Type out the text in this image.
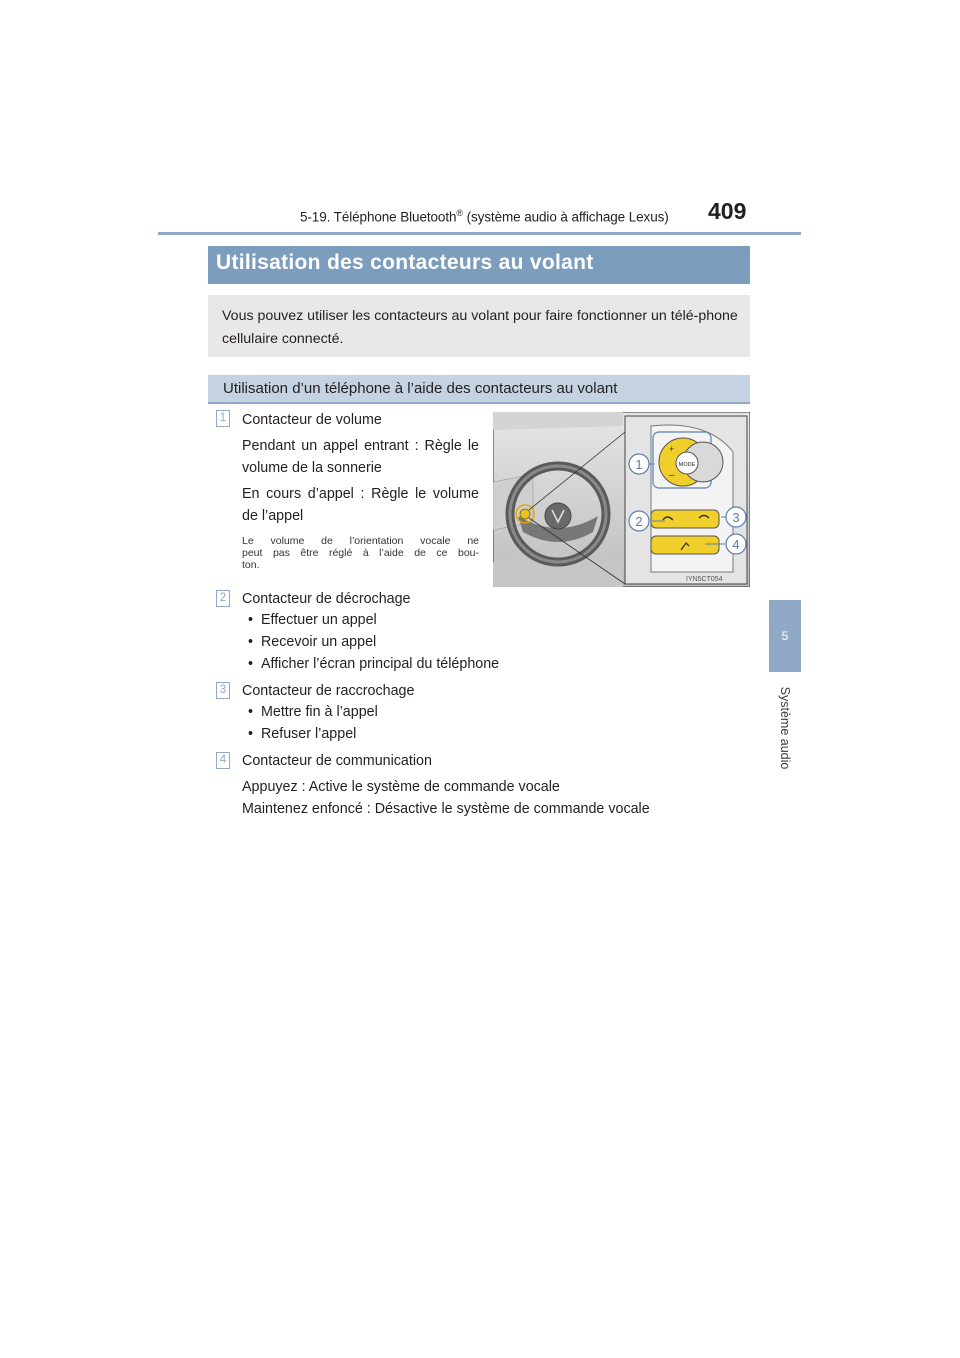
5-19. Téléphone Bluetooth® (système audio à affichage Lexus) 409
5
Système audio
Utilisation des contacteurs au volant
Vous pouvez utiliser les contacteurs au volant pour faire fonctionner un télé-phone cellulaire connecté.
Utilisation d’un téléphone à l’aide des contacteurs au volant
1 Contacteur de volume
Pendant un appel entrant : Règle le
volume de la sonnerie
En cours d’appel : Règle le volume
de l’appel
Le volume de l’orientation vocale ne
peut pas être réglé à l’aide de ce bou-
ton.
MODE
+
–
1
2	3
4
IYN5CT054
2 Contacteur de décrochage
•  Effectuer un appel
•  Recevoir un appel
•  Afficher l’écran principal du téléphone
3 Contacteur de raccrochage
•  Mettre fin à l’appel
•  Refuser l’appel
4 Contacteur de communication
Appuyez : Active le système de commande vocale
Maintenez enfoncé : Désactive le système de commande vocale
